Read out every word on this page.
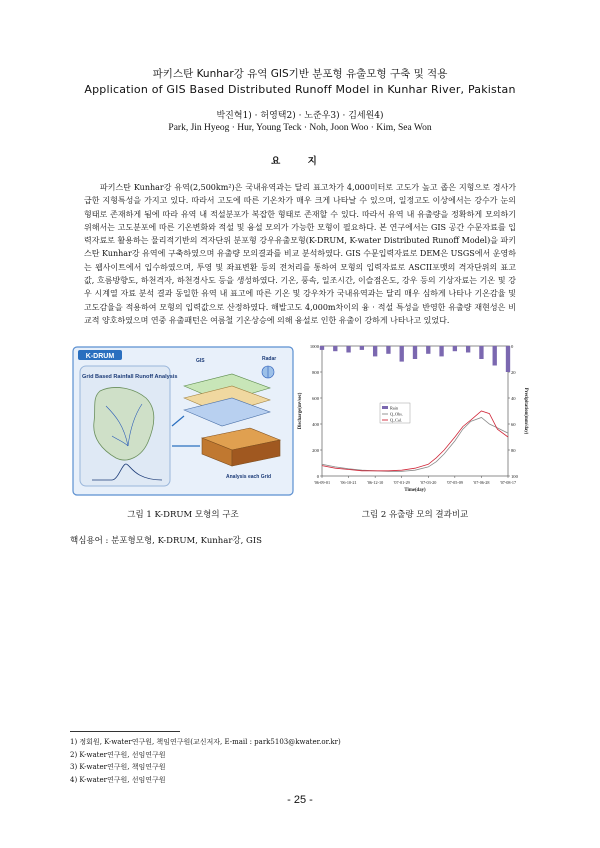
파키스탄 Kunhar강 유역 GIS기반 분포형 유출모형 구축 및 적용
Application of GIS Based Distributed Runoff Model in Kunhar River, Pakistan
박진혁1) · 허영택2) · 노준우3) · 김세원4)
Park, Jin Hyeog · Hur, Young Teck · Noh, Joon Woo · Kim, Sea Won
요 지

파키스탄 Kunhar강 유역(2,500km²)은 국내유역과는 달리 표고차가 4,000미터로 고도가 높고 좁은 지형으로 경사가 급한 지형특성을 가지고 있다. 따라서 고도에 따른 기온차가 매우 크게 나타날 수 있으며, 일정고도 이상에서는 강수가 눈의 형태로 존재하게 됨에 따라 유역 내 적설분포가 복잡한 형태로 존재할 수 있다. 따라서 유역 내 유출량을 정확하게 모의하기 위해서는 고도분포에 따른 기온변화와 적설 및 융설 모의가 가능한 모형이 필요하다. 본 연구에서는 GIS 공간 수문자료를 입력자료로 활용하는 물리적기반의 격자단위 분포형 강우유출모형(K-DRUM, K-water Distributed Runoff Model)을 파키스탄 Kunhar강 유역에 구축하였으며 유출량 모의결과를 비교 분석하였다. GIS 수문입력자료로 DEM은 USGS에서 운영하는 웹사이트에서 입수하였으며, 투영 및 좌표변환 등의 전처리를 통하여 모형의 입력자료로 ASCII포맷의 격자단위의 표고값, 흐름방향도, 하천격자, 하천경사도 등을 생성하였다. 기온, 풍속, 일조시간, 이슬점온도, 강우 등의 기상자료는 기온 및 강우 시계열 자료 분석 결과 동일한 유역 내 표고에 따른 기온 및 강우차가 국내유역과는 달리 매우 심하게 나타나 기온감율 및 고도감율을 적용하여 모형의 입력값으로 산정하였다. 해발고도 4,000m차이의 융 · 적설 특성을 반영한 유출량 재현성은 비교적 양호하였으며 연중 유출패턴은 여름철 기온상승에 의해 융설로 인한 유출이 강하게 나타나고 있었다.

K-DRUM
Grid Based Rainfall Runoff Analysis
GIS	Radar
Analysis each Grid	0
200
400
600
800
1000	0
20
40
60
80
100
'06-09-01 '06-10-21 '06-12-10 '07-01-29 '07-03-20 '07-05-09 '07-06-28 '07-08-17
Rain
Q_Obs.
Q_Cal.
Time(day)
Discharge(m³/sec)	Precipitation(mm/day)
그림 1 K-DRUM 모형의 구조	그림 2 유출량 모의 결과비교
핵심용어 : 분포형모형, K-DRUM, Kunhar강, GIS
1) 정회원, K-water연구원, 책임연구원(교신저자, E-mail : park5103@kwater.or.kr)
2) K-water연구원, 선임연구원
3) K-water연구원, 책임연구원
4) K-water연구원, 선임연구원
- 25 -
